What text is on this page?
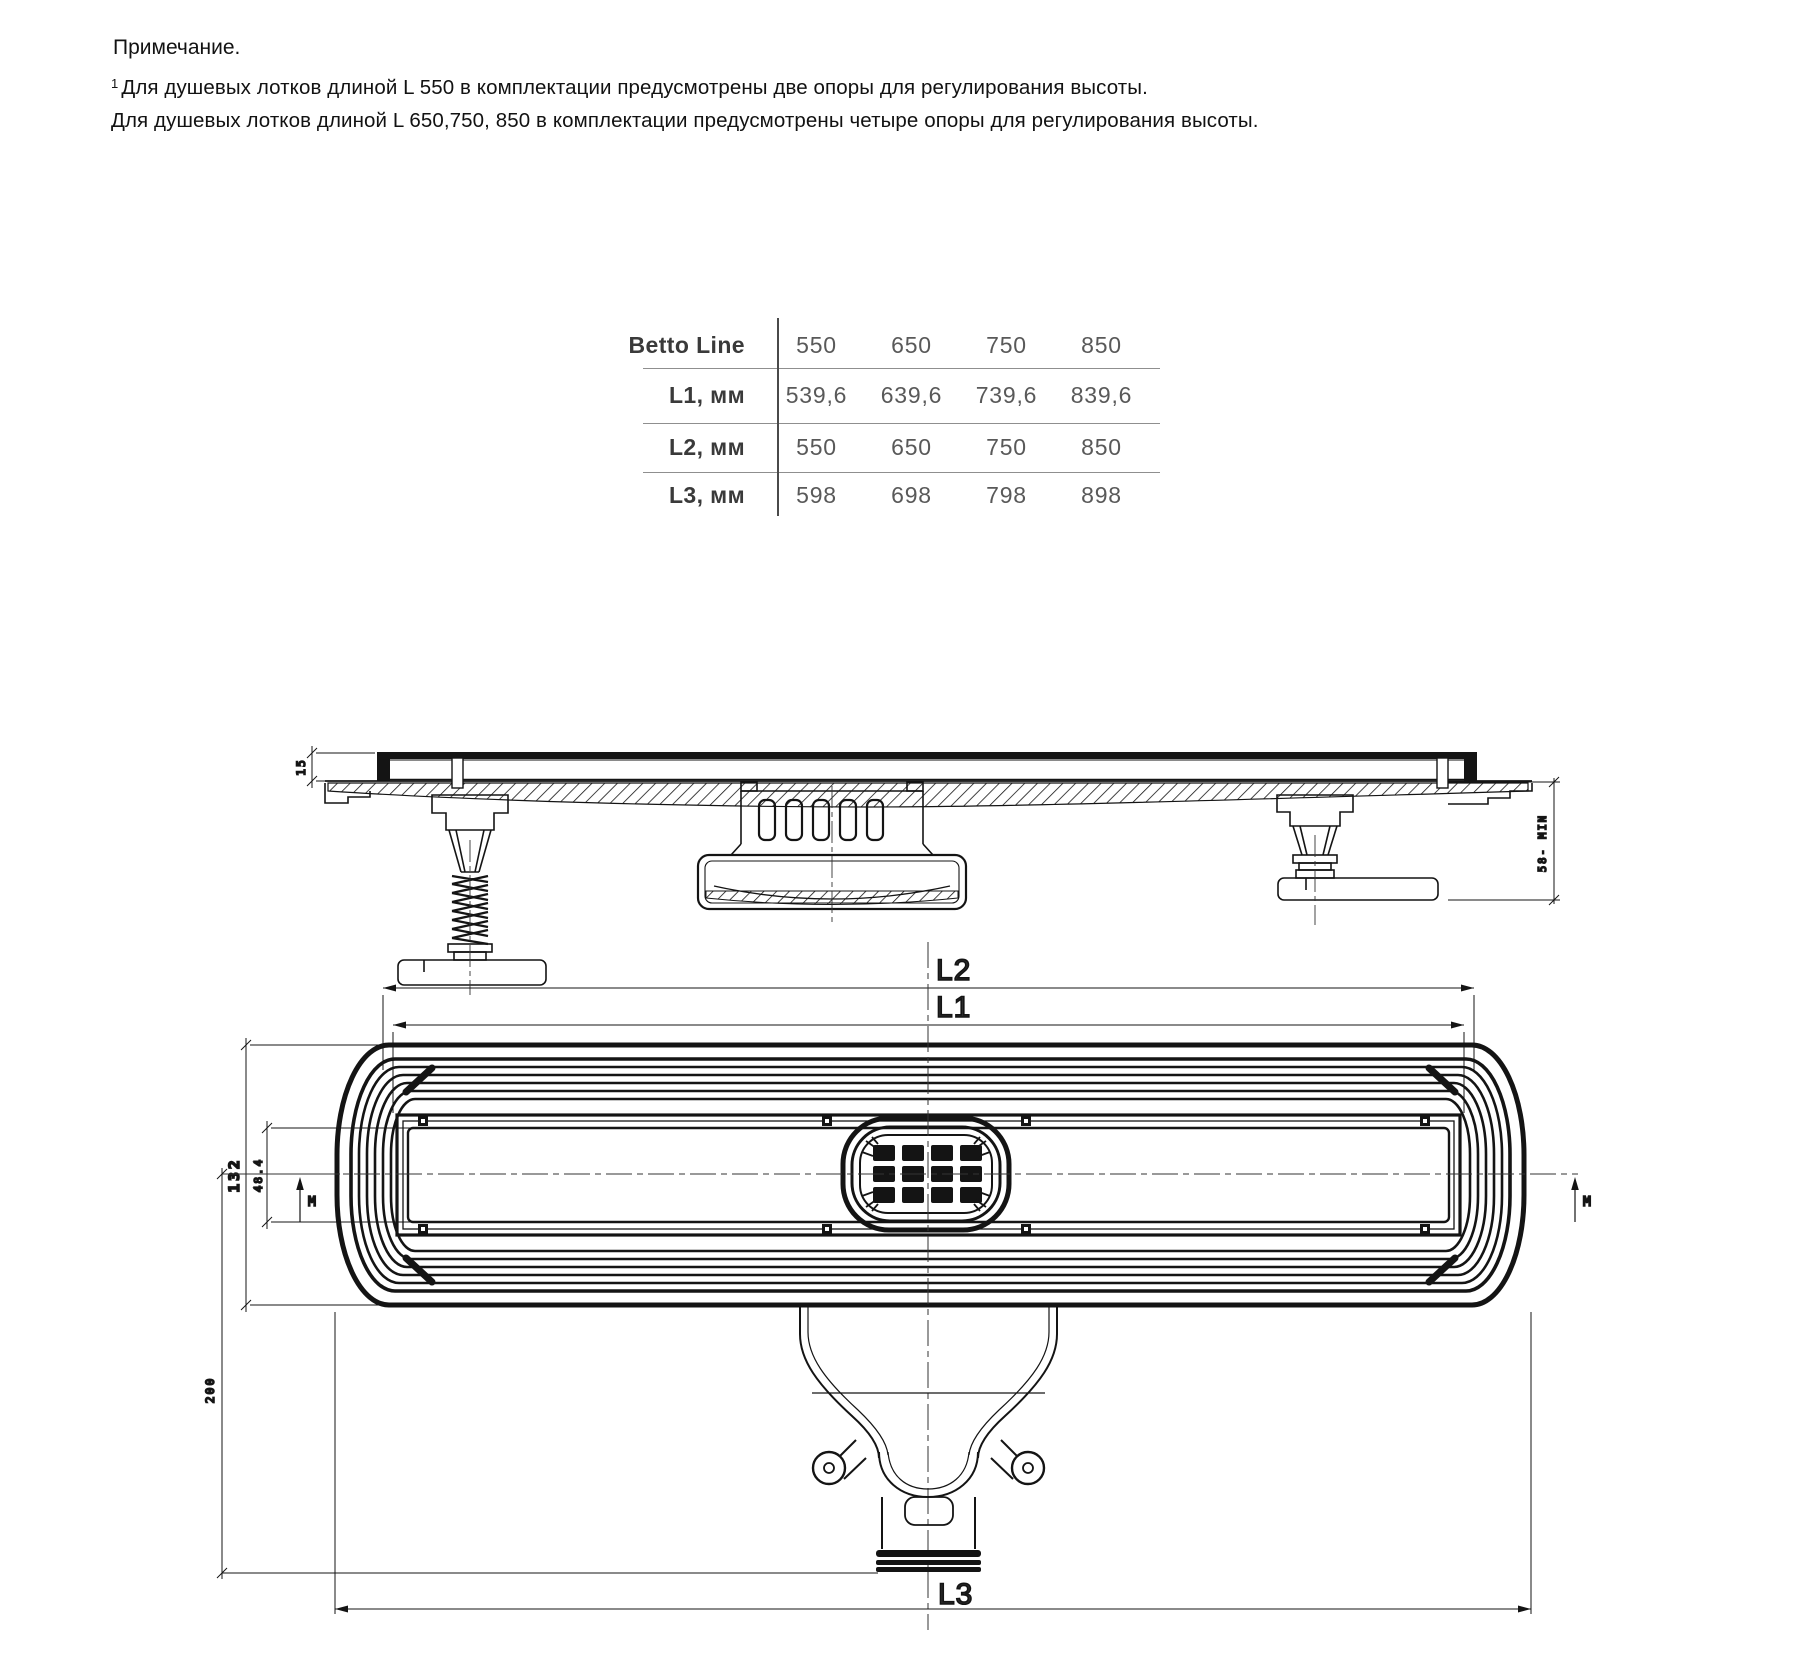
Примечание.
$^1$ Для душевых лотков длиной L 550 в комплектации предусмотрены две опоры для регулирования высоты.
Для душевых лотков длиной L 650,750, 850 в комплектации предусмотрены четыре опоры для регулирования высоты.
Betto Line	550	650	750	850
L1, мм	539,6	639,6	739,6	839,6
L2, мм	550	650	750	850
L3, мм	598	698	798	898
15
58- MIN
L2
L1
132 48.4
M	M
200
L3
